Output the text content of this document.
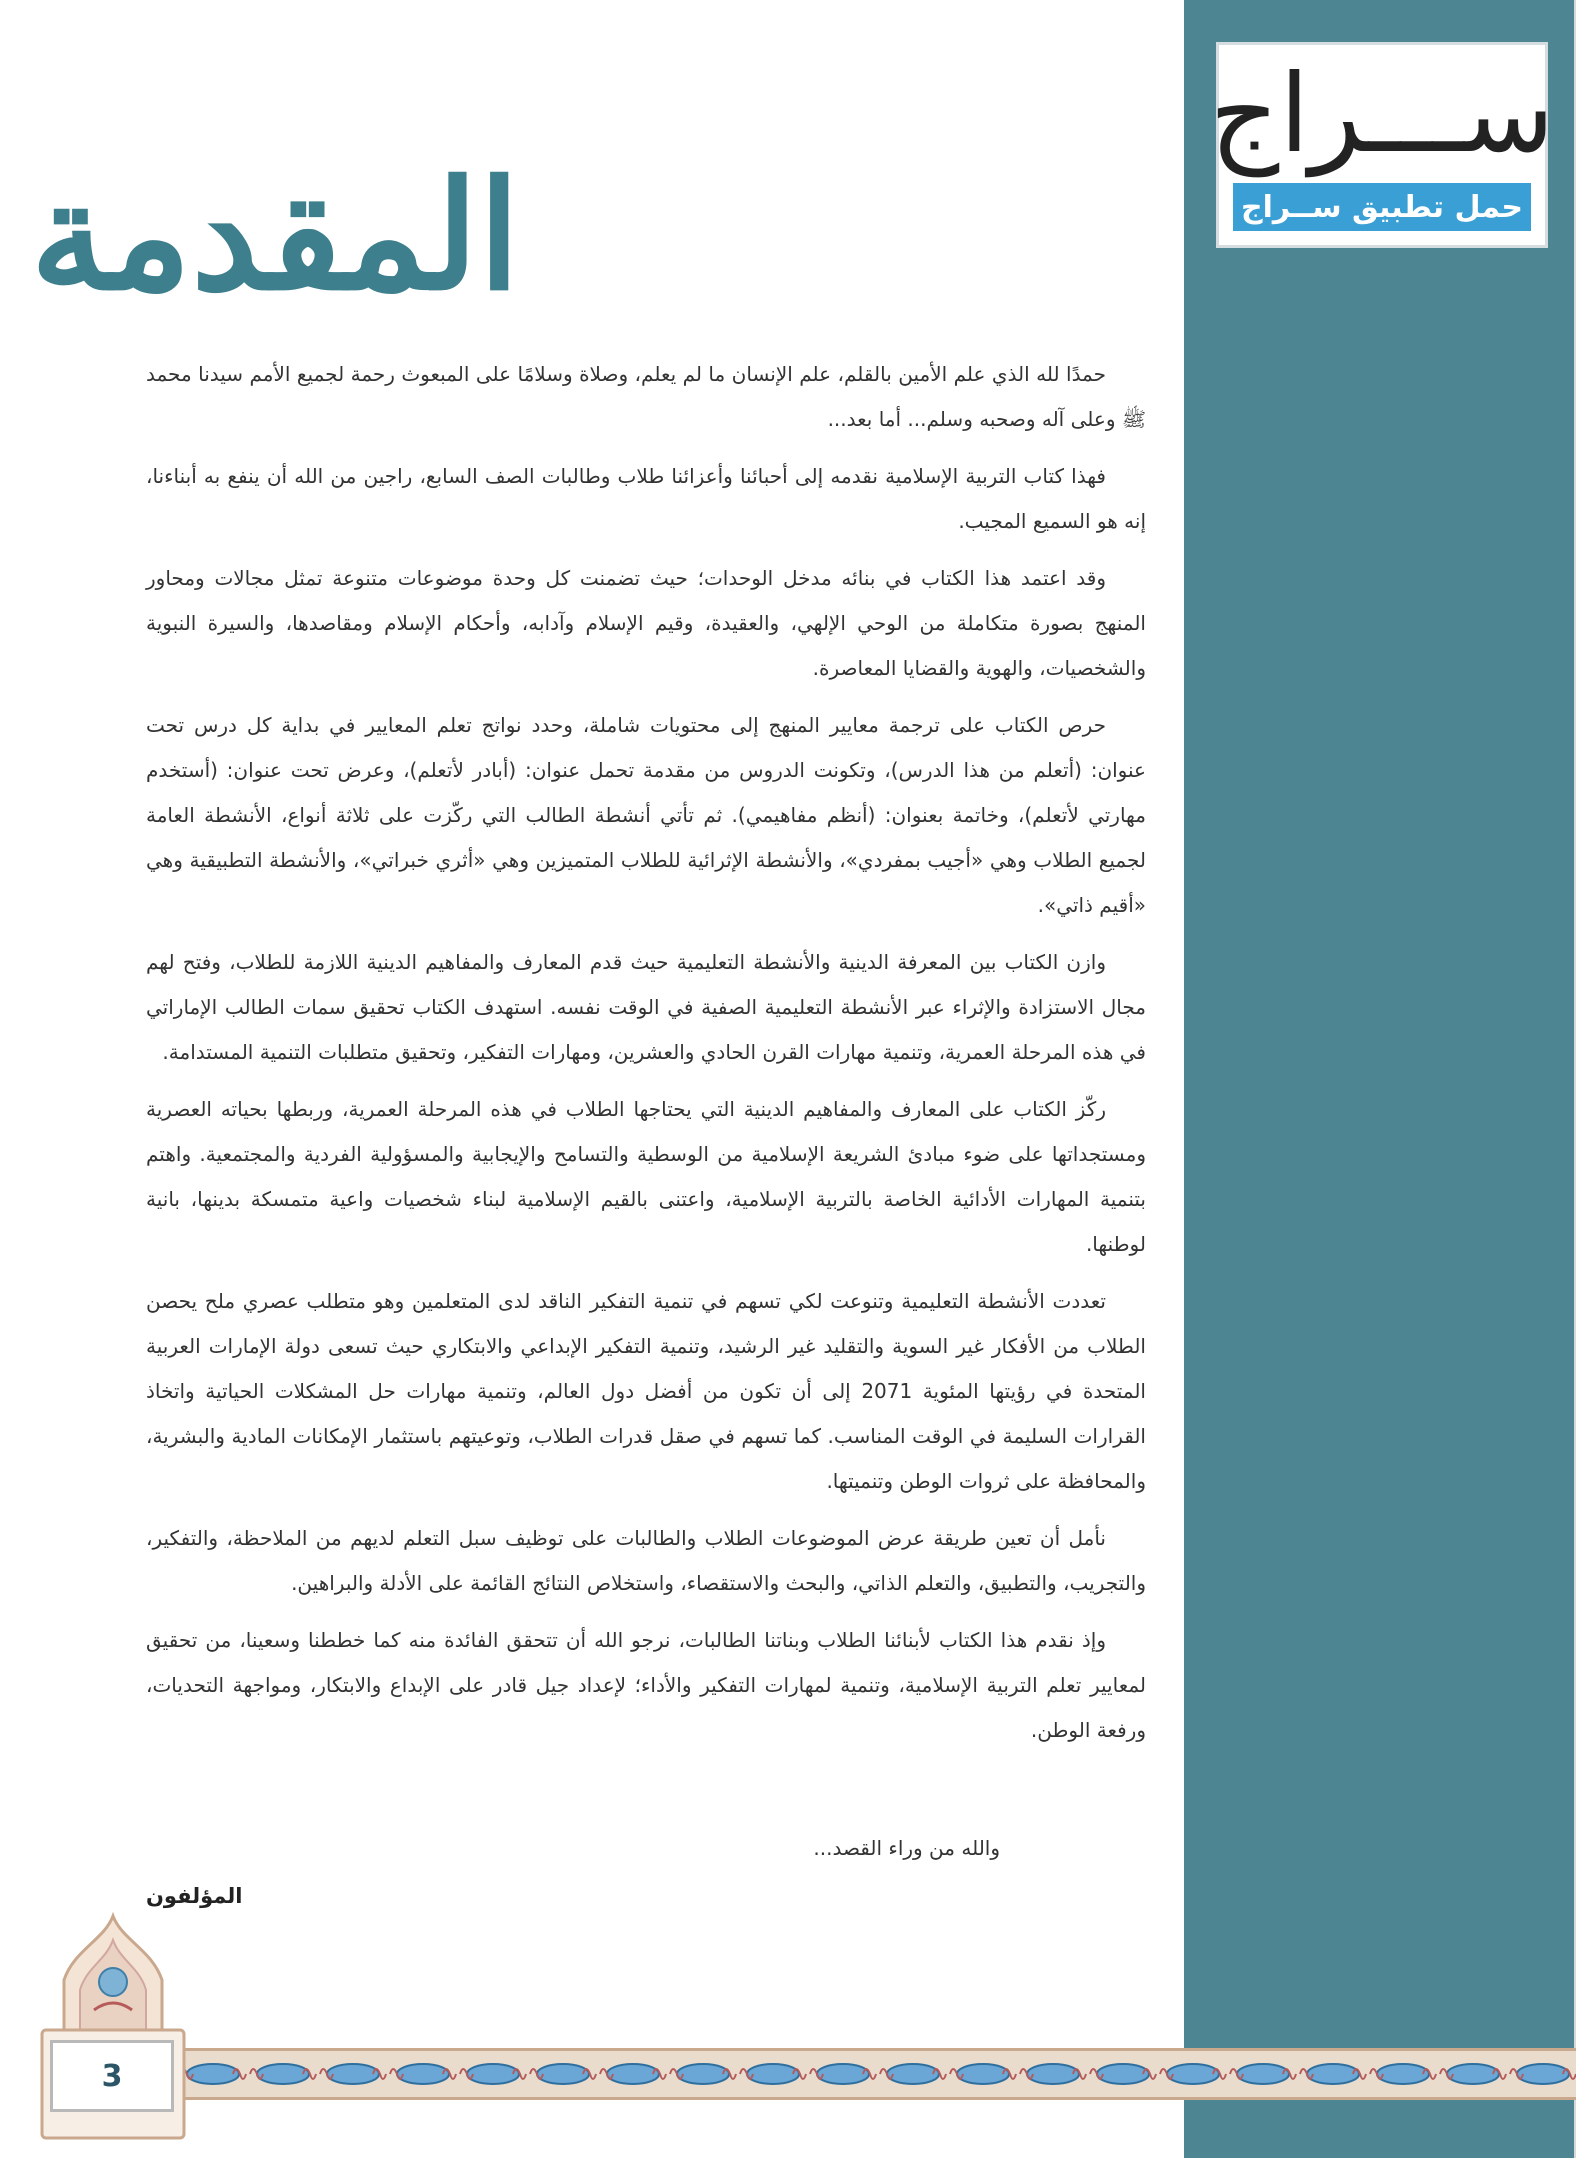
ســـراج
حمل تطبيق ســراج
المقدمة

حمدًا لله الذي علم الأمين بالقلم، علم الإنسان ما لم يعلم، وصلاة وسلامًا على المبعوث رحمة لجميع الأمم سيدنا محمد ﷺ وعلى آله وصحبه وسلم... أما بعد...

فهذا كتاب التربية الإسلامية نقدمه إلى أحبائنا وأعزائنا طلاب وطالبات الصف السابع، راجين من الله أن ينفع به أبناءنا، إنه هو السميع المجيب.

وقد اعتمد هذا الكتاب في بنائه مدخل الوحدات؛ حيث تضمنت كل وحدة موضوعات متنوعة تمثل مجالات ومحاور المنهج بصورة متكاملة من الوحي الإلهي، والعقيدة، وقيم الإسلام وآدابه، وأحكام الإسلام ومقاصدها، والسيرة النبوية والشخصيات، والهوية والقضايا المعاصرة.

حرص الكتاب على ترجمة معايير المنهج إلى محتويات شاملة، وحدد نواتج تعلم المعايير في بداية كل درس تحت عنوان: (أتعلم من هذا الدرس)، وتكونت الدروس من مقدمة تحمل عنوان: (أبادر لأتعلم)، وعرض تحت عنوان: (أستخدم مهارتي لأتعلم)، وخاتمة بعنوان: (أنظم مفاهيمي). ثم تأتي أنشطة الطالب التي ركّزت على ثلاثة أنواع، الأنشطة العامة لجميع الطلاب وهي «أجيب بمفردي»، والأنشطة الإثرائية للطلاب المتميزين وهي «أثري خبراتي»، والأنشطة التطبيقية وهي «أقيم ذاتي».

وازن الكتاب بين المعرفة الدينية والأنشطة التعليمية حيث قدم المعارف والمفاهيم الدينية اللازمة للطلاب، وفتح لهم مجال الاستزادة والإثراء عبر الأنشطة التعليمية الصفية في الوقت نفسه. استهدف الكتاب تحقيق سمات الطالب الإماراتي في هذه المرحلة العمرية، وتنمية مهارات القرن الحادي والعشرين، ومهارات التفكير، وتحقيق متطلبات التنمية المستدامة.

ركّز الكتاب على المعارف والمفاهيم الدينية التي يحتاجها الطلاب في هذه المرحلة العمرية، وربطها بحياته العصرية ومستجداتها على ضوء مبادئ الشريعة الإسلامية من الوسطية والتسامح والإيجابية والمسؤولية الفردية والمجتمعية. واهتم بتنمية المهارات الأدائية الخاصة بالتربية الإسلامية، واعتنى بالقيم الإسلامية لبناء شخصيات واعية متمسكة بدينها، بانية لوطنها.

تعددت الأنشطة التعليمية وتنوعت لكي تسهم في تنمية التفكير الناقد لدى المتعلمين وهو متطلب عصري ملح يحصن الطلاب من الأفكار غير السوية والتقليد غير الرشيد، وتنمية التفكير الإبداعي والابتكاري حيث تسعى دولة الإمارات العربية المتحدة في رؤيتها المئوية 2071 إلى أن تكون من أفضل دول العالم، وتنمية مهارات حل المشكلات الحياتية واتخاذ القرارات السليمة في الوقت المناسب. كما تسهم في صقل قدرات الطلاب، وتوعيتهم باستثمار الإمكانات المادية والبشرية، والمحافظة على ثروات الوطن وتنميتها.

نأمل أن تعين طريقة عرض الموضوعات الطلاب والطالبات على توظيف سبل التعلم لديهم من الملاحظة، والتفكير، والتجريب، والتطبيق، والتعلم الذاتي، والبحث والاستقصاء، واستخلاص النتائج القائمة على الأدلة والبراهين.

وإذ نقدم هذا الكتاب لأبنائنا الطلاب وبناتنا الطالبات، نرجو الله أن تتحقق الفائدة منه كما خططنا وسعينا، من تحقيق لمعايير تعلم التربية الإسلامية، وتنمية لمهارات التفكير والأداء؛ لإعداد جيل قادر على الإبداع والابتكار، ومواجهة التحديات، ورفعة الوطن.

والله من وراء القصد...
المؤلفون
3
